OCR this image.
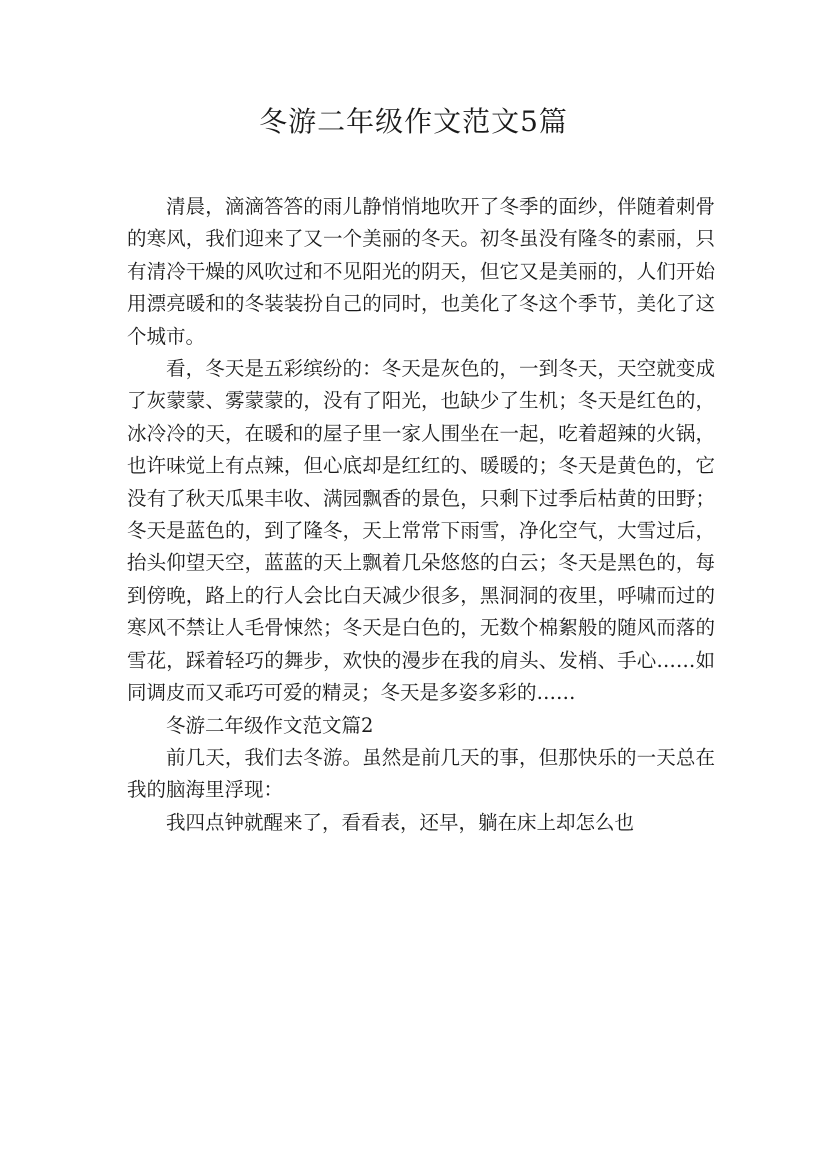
冬游二年级作文范文5篇

清晨，滴滴答答的雨儿静悄悄地吹开了冬季的面纱，伴随着刺骨的寒风，我们迎来了又一个美丽的冬天。初冬虽没有隆冬的素丽，只有清冷干燥的风吹过和不见阳光的阴天，但它又是美丽的，人们开始用漂亮暖和的冬装装扮自己的同时，也美化了冬这个季节，美化了这个城市。

看，冬天是五彩缤纷的：冬天是灰色的，一到冬天，天空就变成了灰蒙蒙、雾蒙蒙的，没有了阳光，也缺少了生机；冬天是红色的，冰冷冷的天，在暖和的屋子里一家人围坐在一起，吃着超辣的火锅，也许味觉上有点辣，但心底却是红红的、暖暖的；冬天是黄色的，它没有了秋天瓜果丰收、满园飘香的景色，只剩下过季后枯黄的田野；冬天是蓝色的，到了隆冬，天上常常下雨雪，净化空气，大雪过后，抬头仰望天空，蓝蓝的天上飘着几朵悠悠的白云；冬天是黑色的，每到傍晚，路上的行人会比白天减少很多，黑洞洞的夜里，呼啸而过的寒风不禁让人毛骨悚然；冬天是白色的，无数个棉絮般的随风而落的雪花，踩着轻巧的舞步，欢快的漫步在我的肩头、发梢、手心……如同调皮而又乖巧可爱的精灵；冬天是多姿多彩的……

冬游二年级作文范文篇2

前几天，我们去冬游。虽然是前几天的事，但那快乐的一天总在我的脑海里浮现：

我四点钟就醒来了，看看表，还早，躺在床上却怎么也
